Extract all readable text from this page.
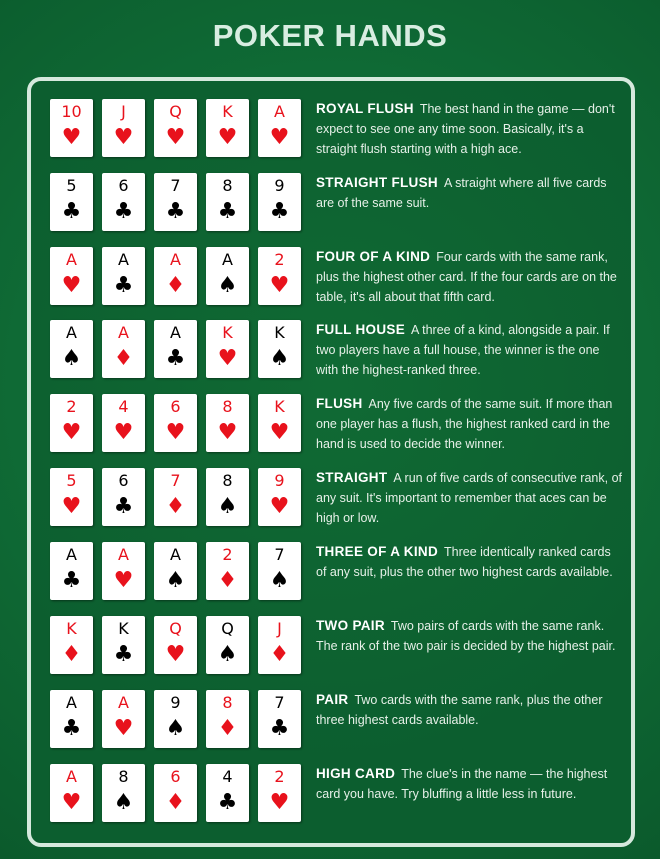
POKER HANDS
10
♥
J
♥
Q
♥
K
♥
A
♥
ROYAL FLUSH The best hand in the game — don't expect to see one any time soon. Basically, it's a straight flush starting with a high ace.
5
♣
6
♣
7
♣
8
♣
9
♣
STRAIGHT FLUSH A straight where all five cards are of the same suit.
A
♥
A
♣
A
♦
A
♠
2
♥
FOUR OF A KIND Four cards with the same rank, plus the highest other card. If the four cards are on the table, it's all about that fifth card.
A
♠
A
♦
A
♣
K
♥
K
♠
FULL HOUSE A three of a kind, alongside a pair. If two players have a full house, the winner is the one with the highest-ranked three.
2
♥
4
♥
6
♥
8
♥
K
♥
FLUSH Any five cards of the same suit. If more than one player has a flush, the highest ranked card in the hand is used to decide the winner.
5
♥
6
♣
7
♦
8
♠
9
♥
STRAIGHT A run of five cards of consecutive rank, of any suit. It's important to remember that aces can be high or low.
A
♣
A
♥
A
♠
2
♦
7
♠
THREE OF A KIND Three identically ranked cards of any suit, plus the other two highest cards available.
K
♦
K
♣
Q
♥
Q
♠
J
♦
TWO PAIR Two pairs of cards with the same rank. The rank of the two pair is decided by the highest pair.
A
♣
A
♥
9
♠
8
♦
7
♣
PAIR Two cards with the same rank, plus the other three highest cards available.
A
♥
8
♠
6
♦
4
♣
2
♥
HIGH CARD The clue's in the name — the highest card you have. Try bluffing a little less in future.
